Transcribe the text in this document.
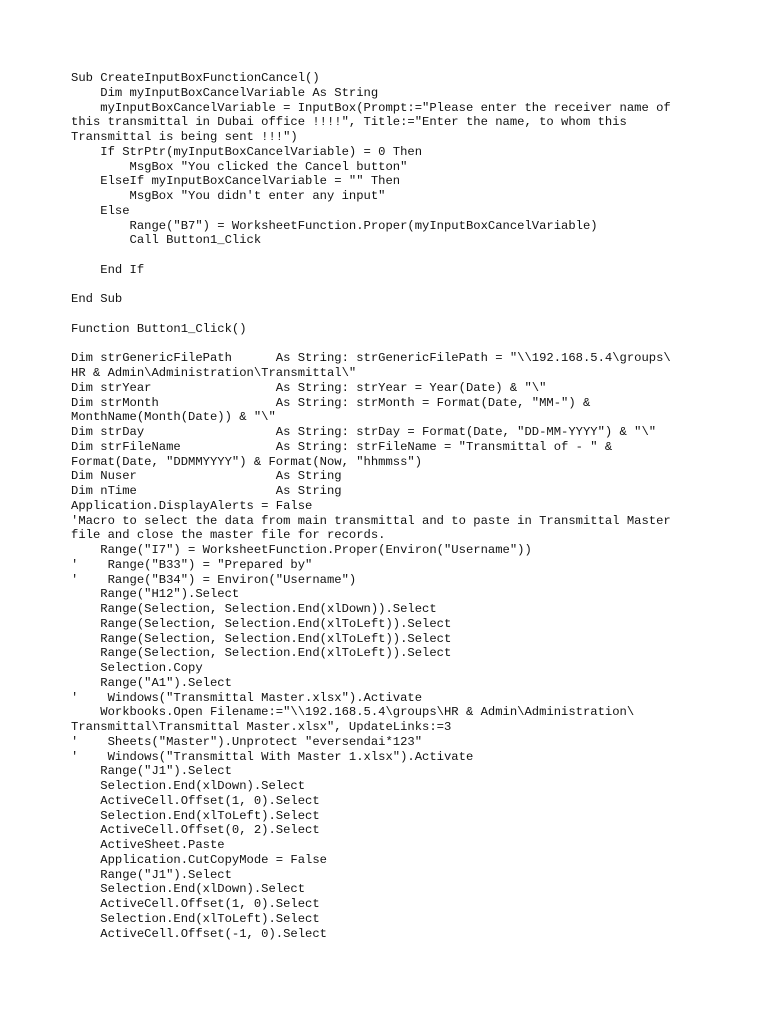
Sub CreateInputBoxFunctionCancel()
Dim myInputBoxCancelVariable As String
myInputBoxCancelVariable = InputBox(Prompt:="Please enter the receiver name of
this transmittal in Dubai office !!!!", Title:="Enter the name, to whom this
Transmittal is being sent !!!")
If StrPtr(myInputBoxCancelVariable) = 0 Then
MsgBox "You clicked the Cancel button"
ElseIf myInputBoxCancelVariable = "" Then
MsgBox "You didn't enter any input"
Else
Range("B7") = WorksheetFunction.Proper(myInputBoxCancelVariable)
Call Button1_Click
End If
End Sub
Function Button1_Click()
Dim strGenericFilePath      As String: strGenericFilePath = "\\192.168.5.4\groups\
HR & Admin\Administration\Transmittal\"
Dim strYear                 As String: strYear = Year(Date) & "\"
Dim strMonth                As String: strMonth = Format(Date, "MM-") &
MonthName(Month(Date)) & "\"
Dim strDay                  As String: strDay = Format(Date, "DD-MM-YYYY") & "\"
Dim strFileName             As String: strFileName = "Transmittal of - " &
Format(Date, "DDMMYYYY") & Format(Now, "hhmmss")
Dim Nuser                   As String
Dim nTime                   As String
Application.DisplayAlerts = False
'Macro to select the data from main transmittal and to paste in Transmittal Master
file and close the master file for records.
Range("I7") = WorksheetFunction.Proper(Environ("Username"))
'    Range("B33") = "Prepared by"
'    Range("B34") = Environ("Username")
Range("H12").Select
Range(Selection, Selection.End(xlDown)).Select
Range(Selection, Selection.End(xlToLeft)).Select
Range(Selection, Selection.End(xlToLeft)).Select
Range(Selection, Selection.End(xlToLeft)).Select
Selection.Copy
Range("A1").Select
'    Windows("Transmittal Master.xlsx").Activate
Workbooks.Open Filename:="\\192.168.5.4\groups\HR & Admin\Administration\
Transmittal\Transmittal Master.xlsx", UpdateLinks:=3
'    Sheets("Master").Unprotect "eversendai*123"
'    Windows("Transmittal With Master 1.xlsx").Activate
Range("J1").Select
Selection.End(xlDown).Select
ActiveCell.Offset(1, 0).Select
Selection.End(xlToLeft).Select
ActiveCell.Offset(0, 2).Select
ActiveSheet.Paste
Application.CutCopyMode = False
Range("J1").Select
Selection.End(xlDown).Select
ActiveCell.Offset(1, 0).Select
Selection.End(xlToLeft).Select
ActiveCell.Offset(-1, 0).Select
